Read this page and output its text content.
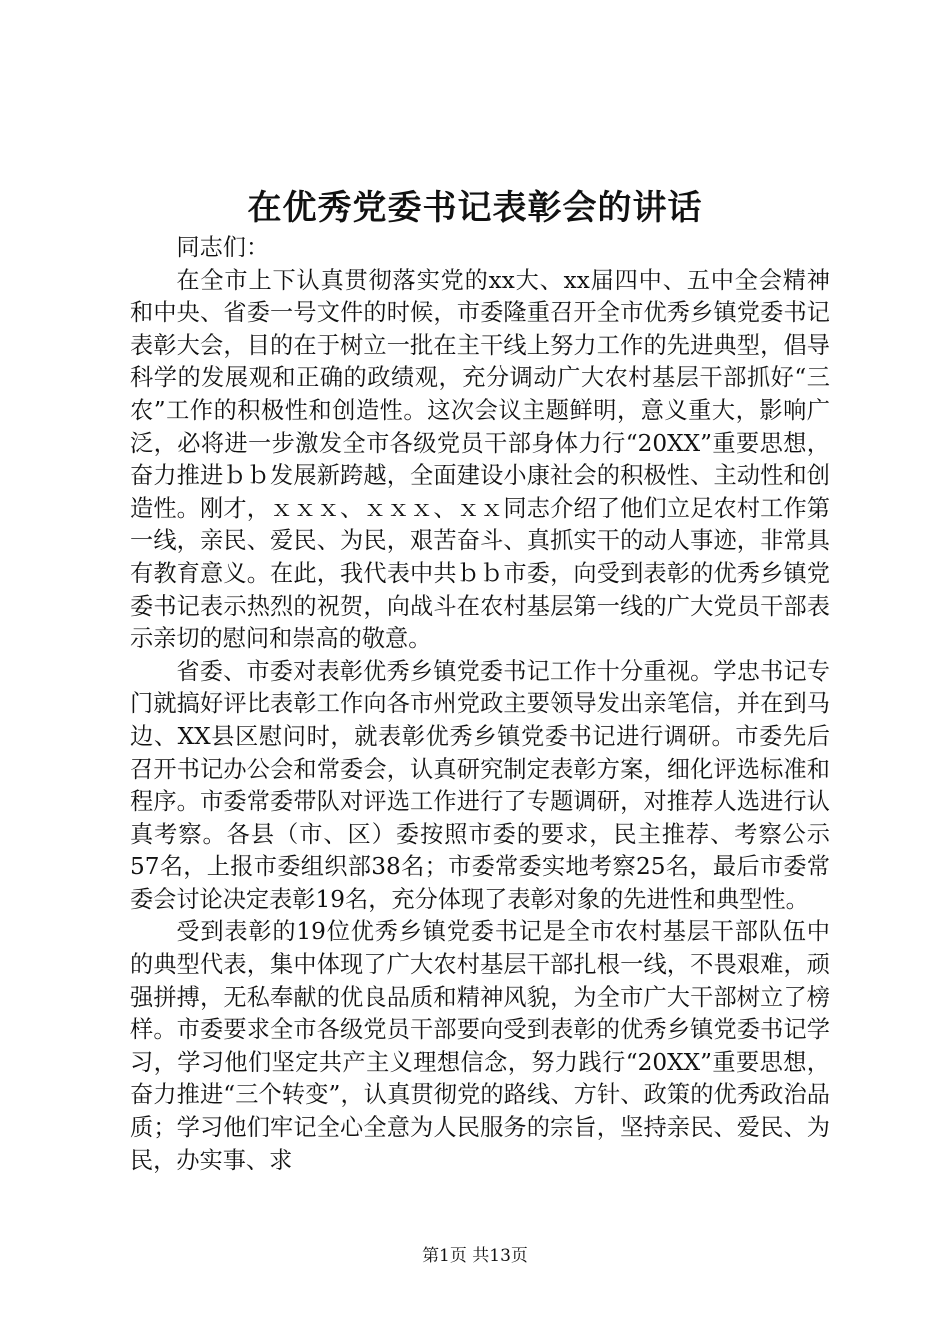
在优秀党委书记表彰会的讲话

同志们：

在全市上下认真贯彻落实党的xx大、xx届四中、五中全会精神和中央、省委一号文件的时候，市委隆重召开全市优秀乡镇党委书记表彰大会，目的在于树立一批在主干线上努力工作的先进典型，倡导科学的发展观和正确的政绩观，充分调动广大农村基层干部抓好“三农”工作的积极性和创造性。这次会议主题鲜明，意义重大，影响广泛，必将进一步激发全市各级党员干部身体力行“20XX”重要思想，奋力推进ｂｂ发展新跨越，全面建设小康社会的积极性、主动性和创造性。刚才，ｘｘｘ、ｘｘｘ、ｘｘ同志介绍了他们立足农村工作第一线，亲民、爱民、为民，艰苦奋斗、真抓实干的动人事迹，非常具有教育意义。在此，我代表中共ｂｂ市委，向受到表彰的优秀乡镇党委书记表示热烈的祝贺，向战斗在农村基层第一线的广大党员干部表示亲切的慰问和崇高的敬意。

省委、市委对表彰优秀乡镇党委书记工作十分重视。学忠书记专门就搞好评比表彰工作向各市州党政主要领导发出亲笔信，并在到马边、XX县区慰问时，就表彰优秀乡镇党委书记进行调研。市委先后召开书记办公会和常委会，认真研究制定表彰方案，细化评选标准和程序。市委常委带队对评选工作进行了专题调研，对推荐人选进行认真考察。各县（市、区）委按照市委的要求，民主推荐、考察公示57名，上报市委组织部38名；市委常委实地考察25名，最后市委常委会讨论决定表彰19名，充分体现了表彰对象的先进性和典型性。

受到表彰的19位优秀乡镇党委书记是全市农村基层干部队伍中的典型代表，集中体现了广大农村基层干部扎根一线，不畏艰难，顽强拼搏，无私奉献的优良品质和精神风貌，为全市广大干部树立了榜样。市委要求全市各级党员干部要向受到表彰的优秀乡镇党委书记学习，学习他们坚定共产主义理想信念，努力践行“20XX”重要思想，奋力推进“三个转变”，认真贯彻党的路线、方针、政策的优秀政治品质；学习他们牢记全心全意为人民服务的宗旨，坚持亲民、爱民、为民，办实事、求

第1页 共13页
